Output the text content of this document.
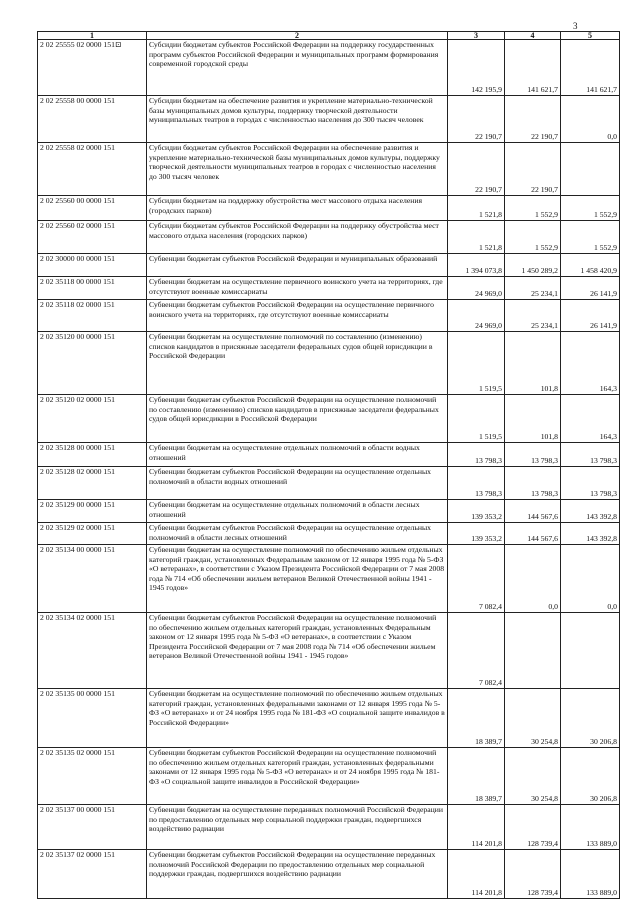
3
1	2	3	4	5
2 02 25555 02 0000 151⊡	Субсидии бюджетам субъектов Российской Федерации на поддержку государственных программ субъектов Российской Федерации и муниципальных программ формирования современной городской среды	142 195,9	141 621,7	141 621,7
2 02 25558 00 0000 151	Субсидии бюджетам на обеспечение развития и укрепление материально-технической базы муниципальных домов культуры, поддержку творческой деятельности муниципальных театров в городах с численностью населения до 300 тысяч человек	22 190,7	22 190,7	0,0
2 02 25558 02 0000 151	Субсидии бюджетам субъектов Российской Федерации на обеспечение развития и укрепление материально-технической базы муниципальных домов культуры, поддержку творческой деятельности муниципальных театров в городах с численностью населения до 300 тысяч человек	22 190,7	22 190,7	
2 02 25560 00 0000 151	Субсидии бюджетам на поддержку обустройства мест массового отдыха населения (городских парков)	1 521,8	1 552,9	1 552,9
2 02 25560 02 0000 151	Субсидии бюджетам субъектов Российской Федерации на поддержку обустройства мест массового отдыха населения (городских парков)	1 521,8	1 552,9	1 552,9
2 02 30000 00 0000 151	Субвенции бюджетам субъектов Российской Федерации и муниципальных образований	1 394 073,8	1 450 289,2	1 458 420,9
2 02 35118 00 0000 151	Субвенции бюджетам на осуществление первичного воинского учета на территориях, где отсутствуют военные комиссариаты	24 969,0	25 234,1	26 141,9
2 02 35118 02 0000 151	Субвенции бюджетам субъектов Российской Федерации на осуществление первичного воинского учета на территориях, где отсутствуют военные комиссариаты	24 969,0	25 234,1	26 141,9
2 02 35120 00 0000 151	Субвенции бюджетам на осуществление полномочий по составлению (изменению) списков кандидатов в присяжные заседатели федеральных судов общей юрисдикции в Российской Федерации	1 519,5	101,8	164,3
2 02 35120 02 0000 151	Субвенции бюджетам субъектов Российской Федерации на осуществление полномочий по составлению (изменению) списков кандидатов в присяжные заседатели федеральных судов общей юрисдикции в Российской Федерации	1 519,5	101,8	164,3
2 02 35128 00 0000 151	Субвенции бюджетам на осуществление отдельных полномочий в области водных отношений	13 798,3	13 798,3	13 798,3
2 02 35128 02 0000 151	Субвенции бюджетам субъектов Российской Федерации на осуществление отдельных полномочий в области водных отношений	13 798,3	13 798,3	13 798,3
2 02 35129 00 0000 151	Субвенции бюджетам на осуществление отдельных полномочий в области лесных отношений	139 353,2	144 567,6	143 392,8
2 02 35129 02 0000 151	Субвенции бюджетам субъектов Российской Федерации на осуществление отдельных полномочий в области лесных отношений	139 353,2	144 567,6	143 392,8
2 02 35134 00 0000 151	Субвенции бюджетам на осуществление полномочий по обеспечению жильем отдельных категорий граждан, установленных Федеральным законом от 12 января 1995 года № 5-ФЗ «О ветеранах», в соответствии с Указом Президента Российской Федерации от 7 мая 2008 года № 714 «Об обеспечении жильем ветеранов Великой Отечественной войны 1941 - 1945 годов»	7 082,4	0,0	0,0
2 02 35134 02 0000 151	Субвенции бюджетам субъектов Российской Федерации на осуществление полномочий по обеспечению жильем отдельных категорий граждан, установленных Федеральным законом от 12 января 1995 года № 5-ФЗ «О ветеранах», в соответствии с Указом Президента Российской Федерации от 7 мая 2008 года № 714 «Об обеспечении жильем ветеранов Великой Отечественной войны 1941 - 1945 годов»	7 082,4		
2 02 35135 00 0000 151	Субвенции бюджетам на осуществление полномочий по обеспечению жильем отдельных категорий граждан, установленных федеральными законами от 12 января 1995 года № 5-ФЗ «О ветеранах» и от 24 ноября 1995 года № 181-ФЗ «О социальной защите инвалидов в Российской Федерации»	18 389,7	30 254,8	30 206,8
2 02 35135 02 0000 151	Субвенции бюджетам субъектов Российской Федерации на осуществление полномочий по обеспечению жильем отдельных категорий граждан, установленных федеральными законами от 12 января 1995 года № 5-ФЗ «О ветеранах» и от 24 ноября 1995 года № 181-ФЗ «О социальной защите инвалидов в Российской Федерации»	18 389,7	30 254,8	30 206,8
2 02 35137 00 0000 151	Субвенции бюджетам на осуществление переданных полномочий Российской Федерации по предоставлению отдельных мер социальной поддержки граждан, подвергшихся воздействию радиации	114 201,8	128 739,4	133 889,0
2 02 35137 02 0000 151	Субвенции бюджетам субъектов Российской Федерации на осуществление переданных полномочий Российской Федерации по предоставлению отдельных мер социальной поддержки граждан, подвергшихся воздействию радиации	114 201,8	128 739,4	133 889,0
